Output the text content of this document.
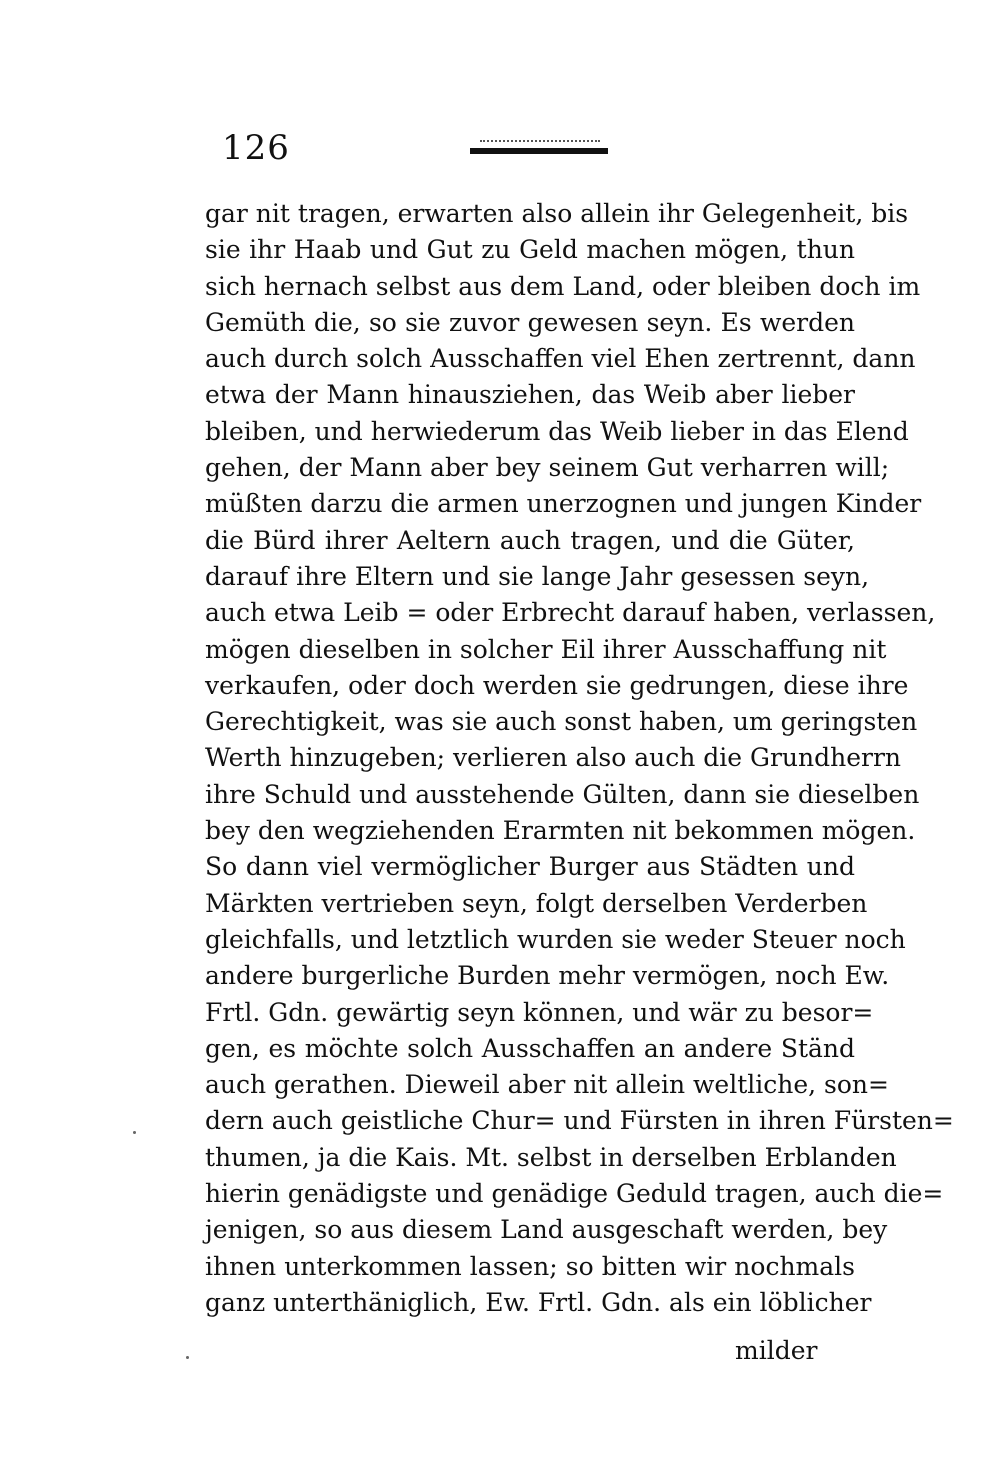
126
gar nit tragen, erwarten also allein ihr Gelegenheit, bis
sie ihr Haab und Gut zu Geld machen mögen, thun
sich hernach selbst aus dem Land, oder bleiben doch im
Gemüth die, so sie zuvor gewesen seyn. Es werden
auch durch solch Ausschaffen viel Ehen zertrennt, dann
etwa der Mann hinausziehen, das Weib aber lieber
bleiben, und herwiederum das Weib lieber in das Elend
gehen, der Mann aber bey seinem Gut verharren will;
müßten darzu die armen unerzognen und jungen Kinder
die Bürd ihrer Aeltern auch tragen, und die Güter,
darauf ihre Eltern und sie lange Jahr gesessen seyn,
auch etwa Leib = oder Erbrecht darauf haben, verlassen,
mögen dieselben in solcher Eil ihrer Ausschaffung nit
verkaufen, oder doch werden sie gedrungen, diese ihre
Gerechtigkeit, was sie auch sonst haben, um geringsten
Werth hinzugeben; verlieren also auch die Grundherrn
ihre Schuld und ausstehende Gülten, dann sie dieselben
bey den wegziehenden Erarmten nit bekommen mögen.
So dann viel vermöglicher Burger aus Städten und
Märkten vertrieben seyn, folgt derselben Verderben
gleichfalls, und letztlich wurden sie weder Steuer noch
andere burgerliche Burden mehr vermögen, noch Ew.
Frtl. Gdn. gewärtig seyn können, und wär zu besor=
gen, es möchte solch Ausschaffen an andere Ständ
auch gerathen. Dieweil aber nit allein weltliche, son=
dern auch geistliche Chur= und Fürsten in ihren Fürsten=
thumen, ja die Kais. Mt. selbst in derselben Erblanden
hierin genädigste und genädige Geduld tragen, auch die=
jenigen, so aus diesem Land ausgeschaft werden, bey
ihnen unterkommen lassen; so bitten wir nochmals
ganz unterthäniglich, Ew. Frtl. Gdn. als ein löblicher
milder
